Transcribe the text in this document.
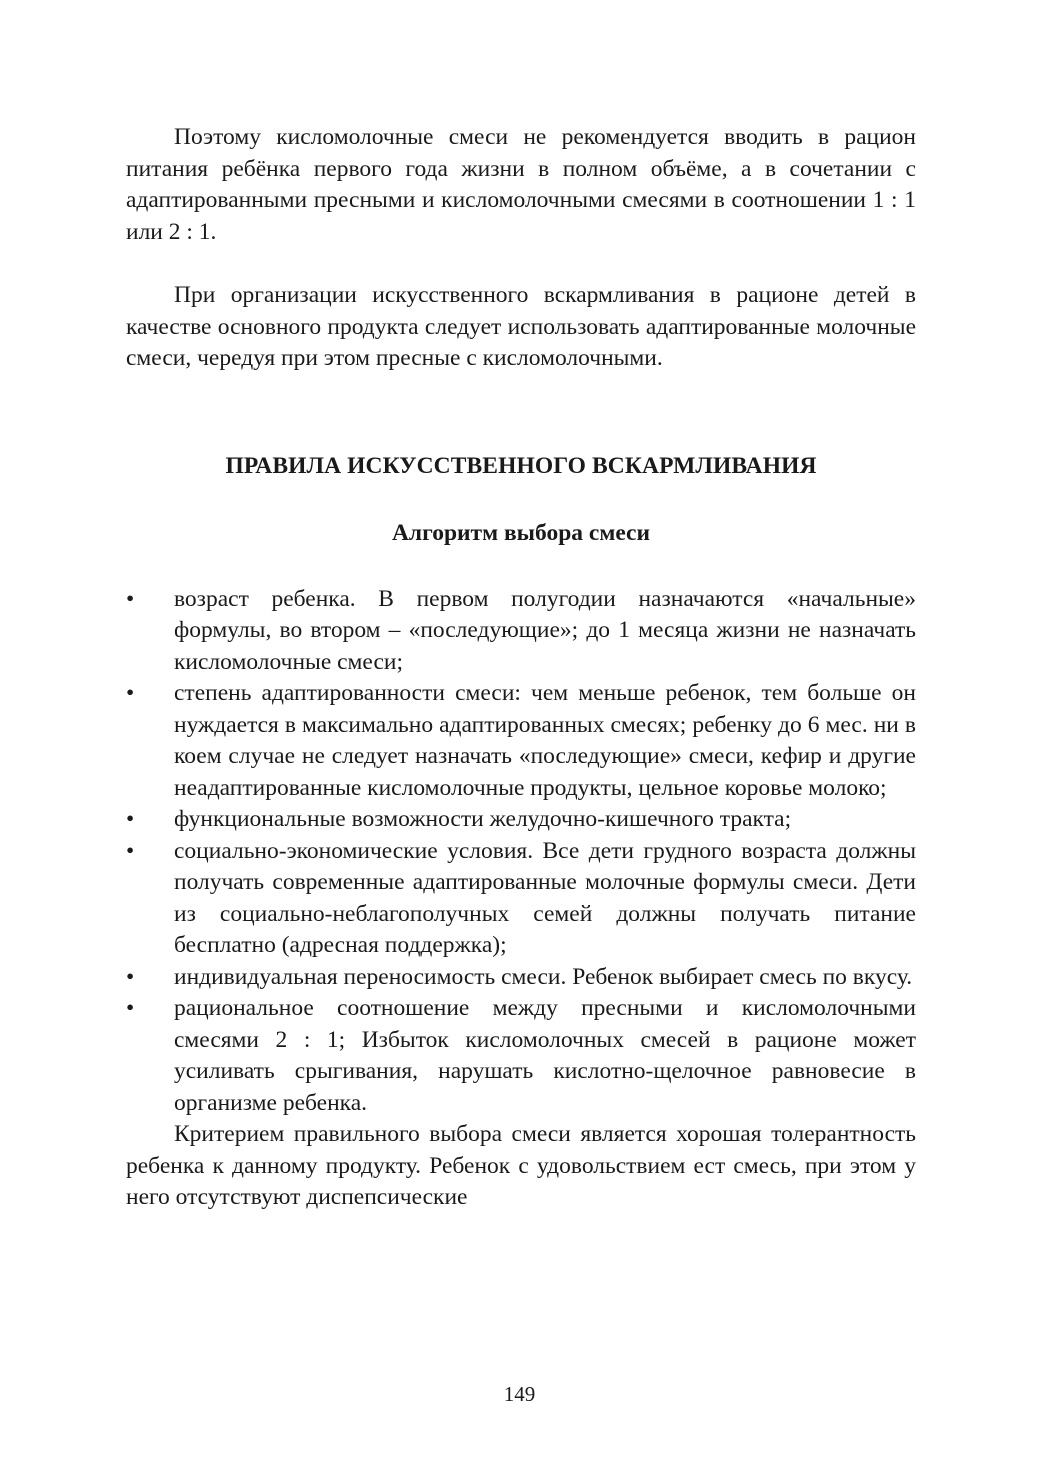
Поэтому кисломолочные смеси не рекомендуется вводить в рацион питания ребёнка первого года жизни в полном объёме, а в сочетании с адаптированными пресными и кисломолочными смесями в соотношении 1 : 1 или 2 : 1.

При организации искусственного вскармливания в рационе детей в качестве основного продукта следует использовать адаптированные молочные смеси, чередуя при этом пресные с кисломолочными.

ПРАВИЛА ИСКУССТВЕННОГО ВСКАРМЛИВАНИЯ
Алгоритм выбора смеси
•	возраст ребенка. В первом полугодии назначаются «начальные» формулы, во втором – «последующие»; до 1 месяца жизни не назначать кисломолочные смеси;
•	степень адаптированности смеси: чем меньше ребенок, тем больше он нуждается в максимально адаптированных смесях; ребенку до 6 мес. ни в коем случае не следует назначать «последующие» смеси, кефир и другие неадаптированные кисломолочные продукты, цельное коровье молоко;
•	функциональные возможности желудочно-кишечного тракта;
•	социально-экономические условия. Все дети грудного возраста должны получать современные адаптированные молочные формулы смеси. Дети из социально-неблагополучных семей должны получать питание бесплатно (адресная поддержка);
•	индивидуальная переносимость смеси. Ребенок выбирает смесь по вкусу.
•	рациональное соотношение между пресными и кисломолочными смесями 2 : 1; Избыток кисломолочных смесей в рационе может усиливать срыгивания, нарушать кислотно-щелочное равновесие в организме ребенка.

Критерием правильного выбора смеси является хорошая толерантность ребенка к данному продукту. Ребенок с удовольствием ест смесь, при этом у него отсутствуют диспепсические

149
